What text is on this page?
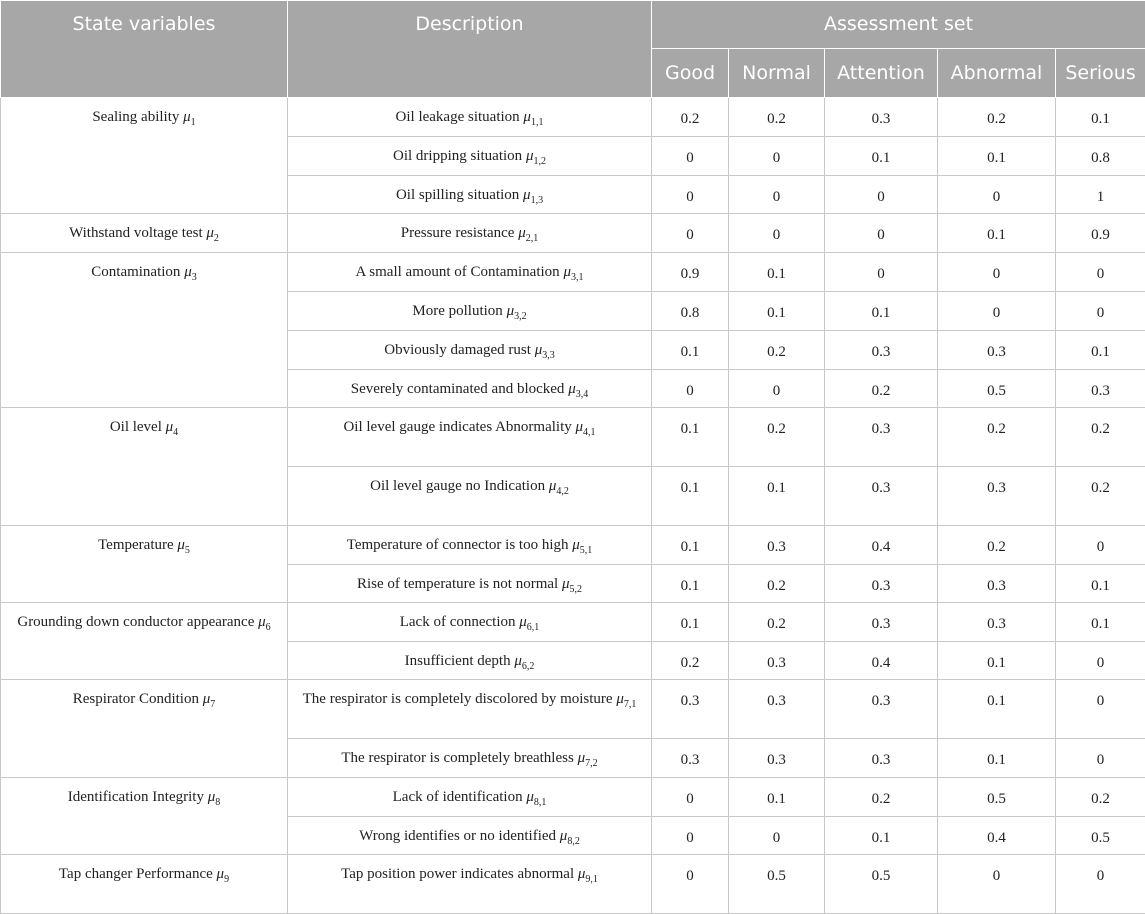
State variables	Description	Assessment set				
		Good	Normal	Attention	Abnormal	Serious
Sealing ability $\mu_1$	Oil leakage situation $\mu_{1,1}$	0.2	0.2	0.3	0.2	0.1
	Oil dripping situation $\mu_{1,2}$	0	0	0.1	0.1	0.8
	Oil spilling situation $\mu_{1,3}$	0	0	0	0	1
Withstand voltage test $\mu_2$	Pressure resistance $\mu_{2,1}$	0	0	0	0.1	0.9
Contamination $\mu_3$	A small amount of Contamination $\mu_{3,1}$	0.9	0.1	0	0	0
	More pollution $\mu_{3,2}$	0.8	0.1	0.1	0	0
	Obviously damaged rust $\mu_{3,3}$	0.1	0.2	0.3	0.3	0.1
	Severely contaminated and blocked $\mu_{3,4}$	0	0	0.2	0.5	0.3
Oil level $\mu_4$	Oil level gauge indicates Abnormality $\mu_{4,1}$	0.1	0.2	0.3	0.2	0.2
	Oil level gauge no Indication $\mu_{4,2}$	0.1	0.1	0.3	0.3	0.2
Temperature $\mu_5$	Temperature of connector is too high $\mu_{5,1}$	0.1	0.3	0.4	0.2	0
	Rise of temperature is not normal $\mu_{5,2}$	0.1	0.2	0.3	0.3	0.1
Grounding down conductor appearance $\mu_6$	Lack of connection $\mu_{6,1}$	0.1	0.2	0.3	0.3	0.1
	Insufficient depth $\mu_{6,2}$	0.2	0.3	0.4	0.1	0
Respirator Condition $\mu_7$	The respirator is completely discolored by moisture $\mu_{7,1}$	0.3	0.3	0.3	0.1	0
	The respirator is completely breathless $\mu_{7,2}$	0.3	0.3	0.3	0.1	0
Identification Integrity $\mu_8$	Lack of identification $\mu_{8,1}$	0	0.1	0.2	0.5	0.2
	Wrong identifies or no identified $\mu_{8,2}$	0	0	0.1	0.4	0.5
Tap changer Performance $\mu_9$	Tap position power indicates abnormal $\mu_{9,1}$	0	0.5	0.5	0	0
